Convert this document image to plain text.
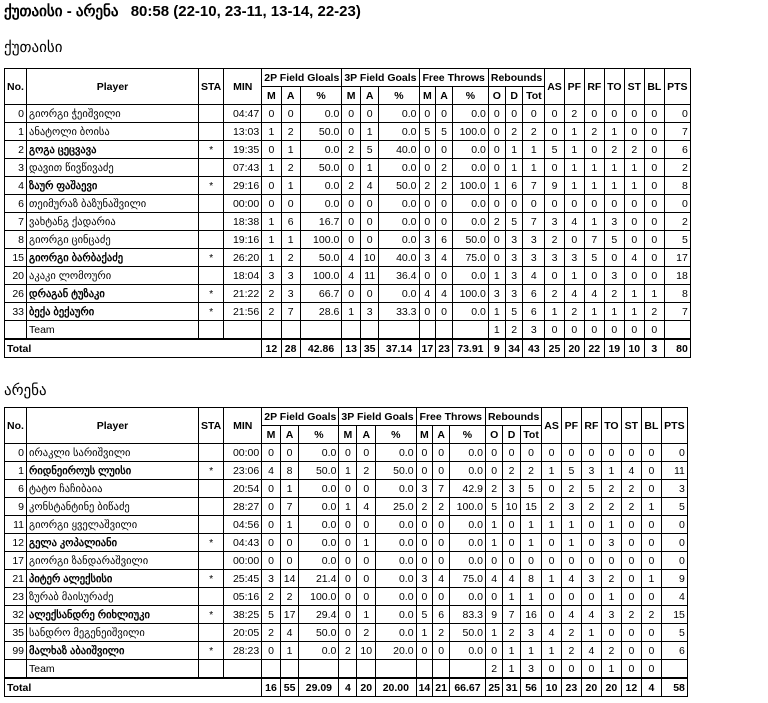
ქუთაისი - არენა 80:58 (22-10, 23-11, 13-14, 22-23)
ქუთაისი
No.	Player	STA	MIN	2P Field Gloals			3P Field Goals			Free Throws			Rebounds			AS	PF	RF	TO	ST	BL	PTS
				M	A	%	M	A	%	M	A	%	O	D	Tot							
0	გიორგი ჭეიშვილი		04:47	0	0	0.0	0	0	0.0	0	0	0.0	0	0	0	0	2	0	0	0	0	0
1	ანატოლი ბოისა		13:03	1	2	50.0	0	1	0.0	5	5	100.0	0	2	2	0	1	2	1	0	0	7
2	გოგა ცეცვავა	*	19:35	0	1	0.0	2	5	40.0	0	0	0.0	0	1	1	5	1	0	2	2	0	6
3	დავით წივწივაძე		07:43	1	2	50.0	0	1	0.0	0	2	0.0	0	1	1	0	1	1	1	1	0	2
4	ზაურ ფაშაევი	*	29:16	0	1	0.0	2	4	50.0	2	2	100.0	1	6	7	9	1	1	1	1	0	8
6	თეიმურაზ ბაზუნაშვილი		00:00	0	0	0.0	0	0	0.0	0	0	0.0	0	0	0	0	0	0	0	0	0	0
7	ვახტანგ ქადარია		18:38	1	6	16.7	0	0	0.0	0	0	0.0	2	5	7	3	4	1	3	0	0	2
8	გიორგი ცინცაძე		19:16	1	1	100.0	0	0	0.0	3	6	50.0	0	3	3	2	0	7	5	0	0	5
15	გიორგი ბარბაქაძე	*	26:20	1	2	50.0	4	10	40.0	3	4	75.0	0	3	3	3	3	5	0	4	0	17
20	აკაკი ლომოური		18:04	3	3	100.0	4	11	36.4	0	0	0.0	1	3	4	0	1	0	3	0	0	18
26	დრაგან ტუზაკი	*	21:22	2	3	66.7	0	0	0.0	4	4	100.0	3	3	6	2	4	4	2	1	1	8
33	ბექა ბექაური	*	21:56	2	7	28.6	1	3	33.3	0	0	0.0	1	5	6	1	2	1	1	1	2	7
	Team												1	2	3	0	0	0	0	0	0	
Total				12	28	42.86	13	35	37.14	17	23	73.91	9	34	43	25	20	22	19	10	3	80
არენა
No.	Player	STA	MIN	2P Field Goals			3P Field Goals			Free Throws			Rebounds			AS	PF	RF	TO	ST	BL	PTS
				M	A	%	M	A	%	M	A	%	O	D	Tot							
0	ირაკლი სარიშვილი		00:00	0	0	0.0	0	0	0.0	0	0	0.0	0	0	0	0	0	0	0	0	0	0
1	რიდნეიროუს ლუისი	*	23:06	4	8	50.0	1	2	50.0	0	0	0.0	0	2	2	1	5	3	1	4	0	11
6	ტატო ჩაჩიბაია		20:54	0	1	0.0	0	0	0.0	3	7	42.9	2	3	5	0	2	5	2	2	0	3
9	კონსტანტინე ბიწაძე		28:27	0	7	0.0	1	4	25.0	2	2	100.0	5	10	15	2	3	2	2	2	1	5
11	გიორგი ყველაშვილი		04:56	0	1	0.0	0	0	0.0	0	0	0.0	1	0	1	1	1	0	1	0	0	0
12	გელა კოპალიანი	*	04:43	0	0	0.0	0	1	0.0	0	0	0.0	1	0	1	0	1	0	3	0	0	0
17	გიორგი ზანდარაშვილი		00:00	0	0	0.0	0	0	0.0	0	0	0.0	0	0	0	0	0	0	0	0	0	0
21	პიტერ ალექსისი	*	25:45	3	14	21.4	0	0	0.0	3	4	75.0	4	4	8	1	4	3	2	0	1	9
23	ზურაბ მაისურაძე		05:16	2	2	100.0	0	0	0.0	0	0	0.0	0	1	1	0	0	0	1	0	0	4
32	ალექსანდრე რიხლიუკი	*	38:25	5	17	29.4	0	1	0.0	5	6	83.3	9	7	16	0	4	4	3	2	2	15
35	სანდრო მეგენეიშვილი		20:05	2	4	50.0	0	2	0.0	1	2	50.0	1	2	3	4	2	1	0	0	0	5
99	მალხაზ აბაიშვილი	*	28:23	0	1	0.0	2	10	20.0	0	0	0.0	0	1	1	1	2	4	2	0	0	6
	Team												2	1	3	0	0	0	1	0	0	
Total				16	55	29.09	4	20	20.00	14	21	66.67	25	31	56	10	23	20	20	12	4	58
